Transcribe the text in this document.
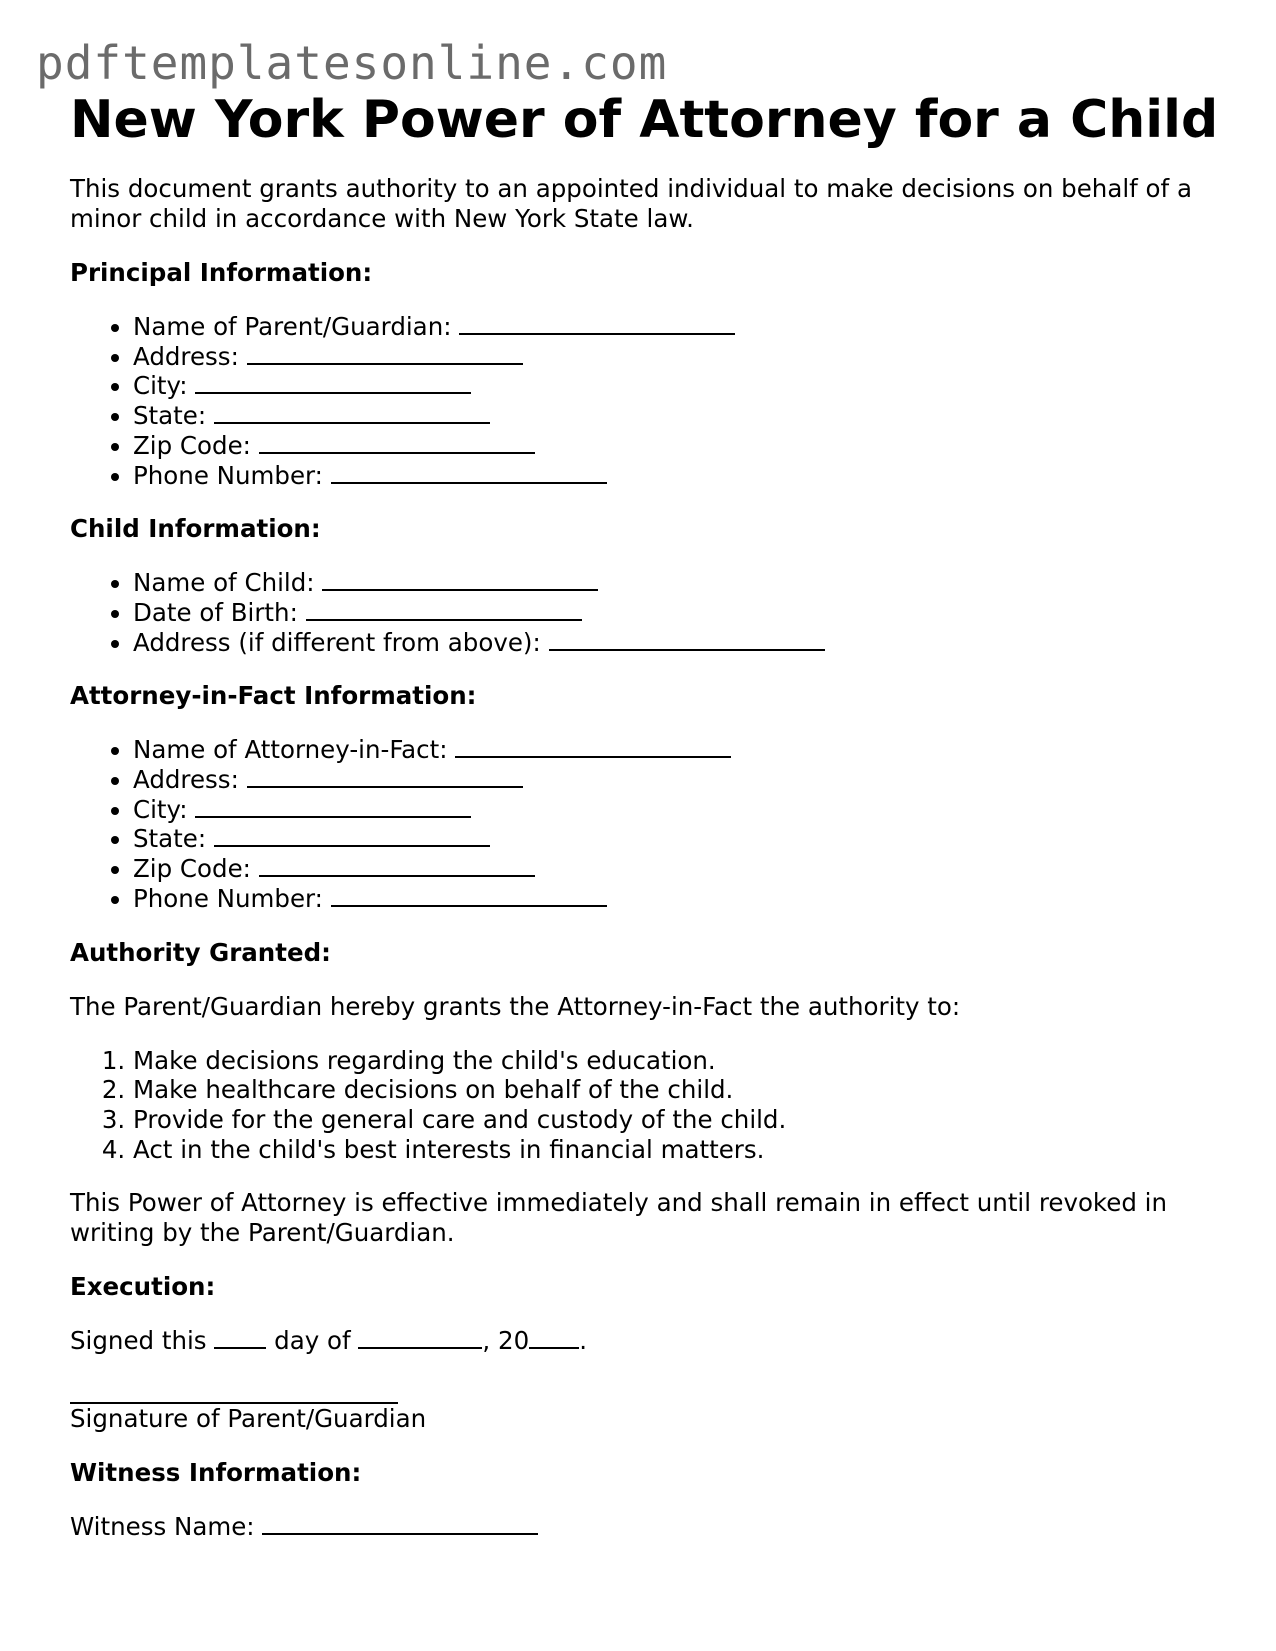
pdftemplatesonline.com
New York Power of Attorney for a Child

This document grants authority to an appointed individual to make decisions on behalf of a minor child in accordance with New York State law.

Principal Information:
• Name of Parent/Guardian:
• Address:
• City:
• State:
• Zip Code:
• Phone Number:
Child Information:
• Name of Child:
• Date of Birth:
• Address (if different from above):
Attorney-in-Fact Information:
• Name of Attorney-in-Fact:
• Address:
• City:
• State:
• Zip Code:
• Phone Number:
Authority Granted:

The Parent/Guardian hereby grants the Attorney-in-Fact the authority to:

1. Make decisions regarding the child's education.
2. Make healthcare decisions on behalf of the child.
3. Provide for the general care and custody of the child.
4. Act in the child's best interests in financial matters.

This Power of Attorney is effective immediately and shall remain in effect until revoked in writing by the Parent/Guardian.

Execution:

Signed this	day of	, 20 .

Signature of Parent/Guardian

Witness Information:

Witness Name:
